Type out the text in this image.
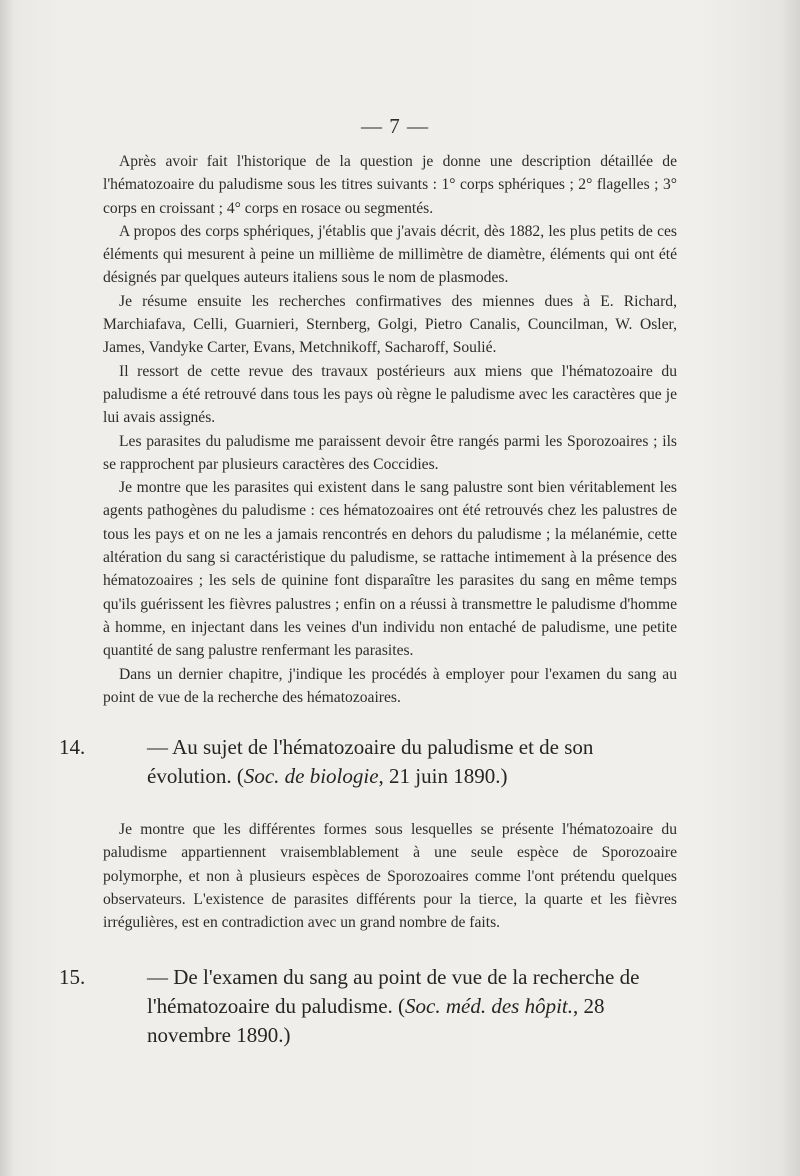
— 7 —

Après avoir fait l'historique de la question je donne une description détaillée de l'hématozoaire du paludisme sous les titres suivants : 1° corps sphériques ; 2° flagelles ; 3° corps en croissant ; 4° corps en rosace ou segmentés.

A propos des corps sphériques, j'établis que j'avais décrit, dès 1882, les plus petits de ces éléments qui mesurent à peine un millième de millimètre de diamètre, éléments qui ont été désignés par quelques auteurs italiens sous le nom de plasmodes.

Je résume ensuite les recherches confirmatives des miennes dues à E. Richard, Marchiafava, Celli, Guarnieri, Sternberg, Golgi, Pietro Canalis, Councilman, W. Osler, James, Vandyke Carter, Evans, Metchnikoff, Sacharoff, Soulié.

Il ressort de cette revue des travaux postérieurs aux miens que l'hématozoaire du paludisme a été retrouvé dans tous les pays où règne le paludisme avec les caractères que je lui avais assignés.

Les parasites du paludisme me paraissent devoir être rangés parmi les Sporozoaires ; ils se rapprochent par plusieurs caractères des Coccidies.

Je montre que les parasites qui existent dans le sang palustre sont bien véritablement les agents pathogènes du paludisme : ces hématozoaires ont été retrouvés chez les palustres de tous les pays et on ne les a jamais rencontrés en dehors du paludisme ; la mélanémie, cette altération du sang si caractéristique du paludisme, se rattache intimement à la présence des hématozoaires ; les sels de quinine font disparaître les parasites du sang en même temps qu'ils guérissent les fièvres palustres ; enfin on a réussi à transmettre le paludisme d'homme à homme, en injectant dans les veines d'un individu non entaché de paludisme, une petite quantité de sang palustre renfermant les parasites.

Dans un dernier chapitre, j'indique les procédés à employer pour l'examen du sang au point de vue de la recherche des hématozoaires.

14.	— Au sujet de l'hématozoaire du paludisme et de son évolution. (Soc. de biologie, 21 juin 1890.)

Je montre que les différentes formes sous lesquelles se présente l'hématozoaire du paludisme appartiennent vraisemblablement à une seule espèce de Sporozoaire polymorphe, et non à plusieurs espèces de Sporozoaires comme l'ont prétendu quelques observateurs. L'existence de parasites différents pour la tierce, la quarte et les fièvres irrégulières, est en contradiction avec un grand nombre de faits.

15.	— De l'examen du sang au point de vue de la recherche de l'hématozoaire du paludisme. (Soc. méd. des hôpit., 28 novembre 1890.)
